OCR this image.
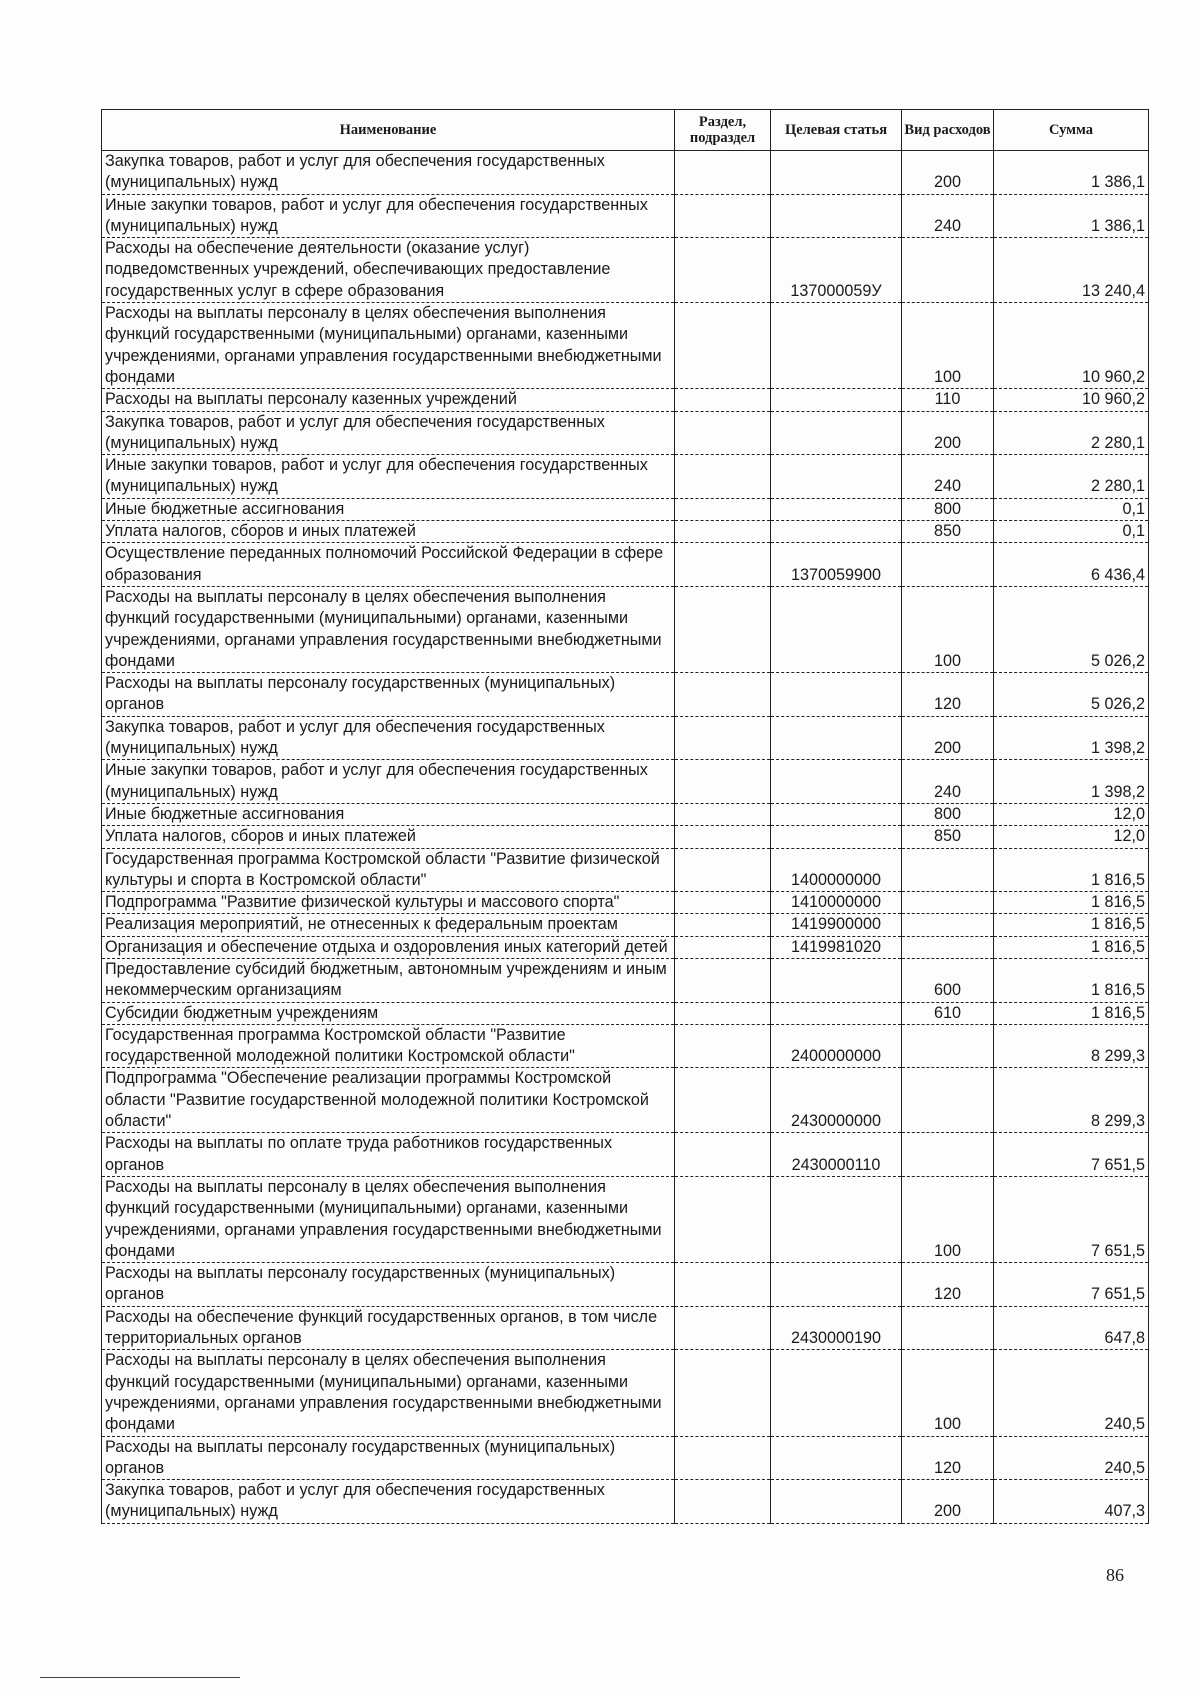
Наименование	Раздел, подраздел	Целевая статья	Вид расходов	Сумма
Закупка товаров, работ и услуг для обеспечения государственных (муниципальных) нужд			200	1 386,1
Иные закупки товаров, работ и услуг для обеспечения государственных (муниципальных) нужд			240	1 386,1
Расходы на обеспечение деятельности (оказание услуг) подведомственных учреждений, обеспечивающих предоставление государственных услуг в сфере образования		137000059У		13 240,4
Расходы на выплаты персоналу в целях обеспечения выполнения функций государственными (муниципальными) органами, казенными учреждениями, органами управления государственными внебюджетными фондами			100	10 960,2
Расходы на выплаты персоналу казенных учреждений			110	10 960,2
Закупка товаров, работ и услуг для обеспечения государственных (муниципальных) нужд			200	2 280,1
Иные закупки товаров, работ и услуг для обеспечения государственных (муниципальных) нужд			240	2 280,1
Иные бюджетные ассигнования			800	0,1
Уплата налогов, сборов и иных платежей			850	0,1
Осуществление переданных полномочий Российской Федерации в сфере образования		1370059900		6 436,4
Расходы на выплаты персоналу в целях обеспечения выполнения функций государственными (муниципальными) органами, казенными учреждениями, органами управления государственными внебюджетными фондами			100	5 026,2
Расходы на выплаты персоналу государственных (муниципальных) органов			120	5 026,2
Закупка товаров, работ и услуг для обеспечения государственных (муниципальных) нужд			200	1 398,2
Иные закупки товаров, работ и услуг для обеспечения государственных (муниципальных) нужд			240	1 398,2
Иные бюджетные ассигнования			800	12,0
Уплата налогов, сборов и иных платежей			850	12,0
Государственная программа Костромской области "Развитие физической культуры и спорта в Костромской области"		1400000000		1 816,5
Подпрограмма "Развитие физической культуры и массового спорта"		1410000000		1 816,5
Реализация мероприятий, не отнесенных к федеральным проектам		1419900000		1 816,5
Организация и обеспечение отдыха и оздоровления иных категорий детей		1419981020		1 816,5
Предоставление субсидий бюджетным, автономным учреждениям и иным некоммерческим организациям			600	1 816,5
Субсидии бюджетным учреждениям			610	1 816,5
Государственная программа Костромской области "Развитие государственной молодежной политики Костромской области"		2400000000		8 299,3
Подпрограмма "Обеспечение реализации программы Костромской области "Развитие государственной молодежной политики Костромской области"		2430000000		8 299,3
Расходы на выплаты по оплате труда работников государственных органов		2430000110		7 651,5
Расходы на выплаты персоналу в целях обеспечения выполнения функций государственными (муниципальными) органами, казенными учреждениями, органами управления государственными внебюджетными фондами			100	7 651,5
Расходы на выплаты персоналу государственных (муниципальных) органов			120	7 651,5
Расходы на обеспечение функций государственных органов, в том числе территориальных органов		2430000190		647,8
Расходы на выплаты персоналу в целях обеспечения выполнения функций государственными (муниципальными) органами, казенными учреждениями, органами управления государственными внебюджетными фондами			100	240,5
Расходы на выплаты персоналу государственных (муниципальных) органов			120	240,5
Закупка товаров, работ и услуг для обеспечения государственных (муниципальных) нужд			200	407,3
86
